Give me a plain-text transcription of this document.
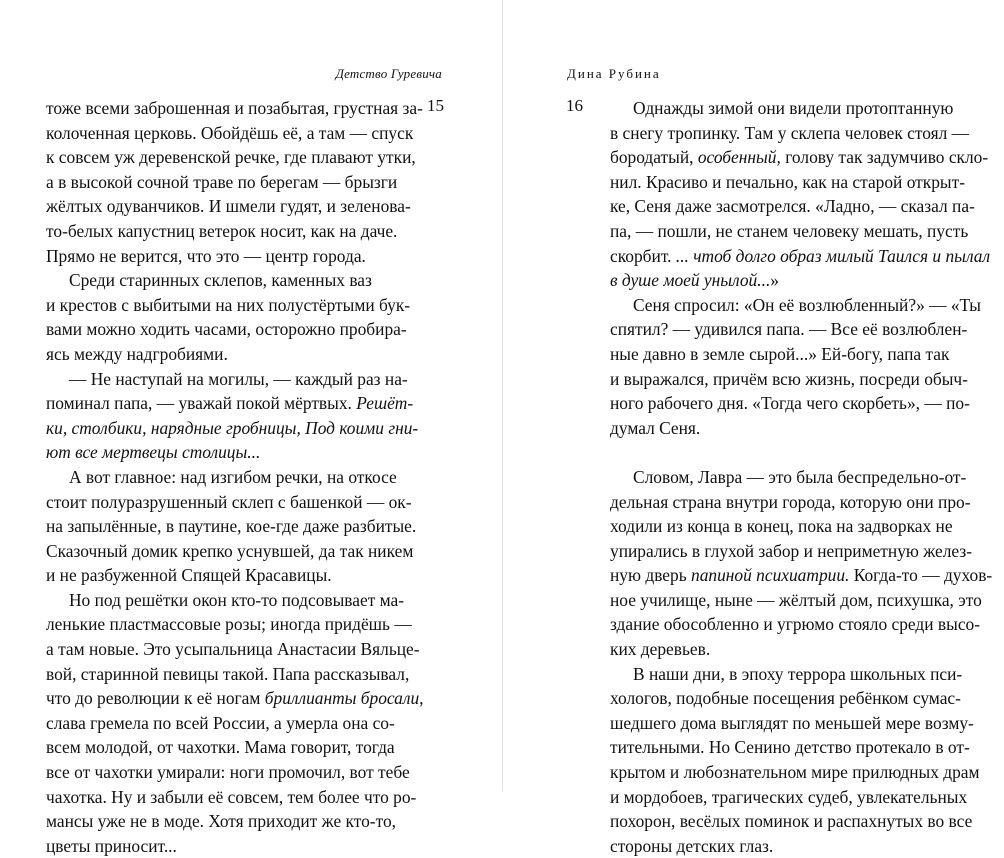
Детство Гуревича
15
тоже всеми заброшенная и позабытая, грустная за-
колоченная церковь. Обойдёшь её, а там — спуск
к совсем уж деревенской речке, где плавают утки,
а в высокой сочной траве по берегам — брызги
жёлтых одуванчиков. И шмели гудят, и зеленова-
то-белых капустниц ветерок носит, как на даче.
Прямо не верится, что это — центр города.
Среди старинных склепов, каменных ваз
и крестов с выбитыми на них полустёртыми бук-
вами можно ходить часами, осторожно пробира-
ясь между надгробиями.
— Не наступай на могилы, — каждый раз на-
поминал папа, — уважай покой мёртвых. Решёт-
ки, столбики, нарядные гробницы, Под коими гни-
ют все мертвецы столицы...
А вот главное: над изгибом речки, на откосе
стоит полуразрушенный склеп с башенкой — ок-
на запылённые, в паутине, кое-где даже разбитые.
Сказочный домик крепко уснувшей, да так никем
и не разбуженной Спящей Красавицы.
Но под решётки окон кто-то подсовывает ма-
ленькие пластмассовые розы; иногда придёшь —
а там новые. Это усыпальница Анастасии Вяльце-
вой, старинной певицы такой. Папа рассказывал,
что до революции к её ногам бриллианты бросали,
слава гремела по всей России, а умерла она со-
всем молодой, от чахотки. Мама говорит, тогда
все от чахотки умирали: ноги промочил, вот тебе
чахотка. Ну и забыли её совсем, тем более что ро-
мансы уже не в моде. Хотя приходит же кто-то,
цветы приносит...
Дина Рубина
16	Однажды зимой они видели протоптанную
в снегу тропинку. Там у склепа человек стоял —
бородатый, особенный, голову так задумчиво скло-
нил. Красиво и печально, как на старой открыт-
ке, Сеня даже засмотрелся. «Ладно, — сказал па-
па, — пошли, не станем человеку мешать, пусть
скорбит. ... чтоб долго образ милый Таился и пылал
в душе моей унылой...»
Сеня спросил: «Он её возлюбленный?» — «Ты
спятил? — удивился папа. — Все её возлюблен-
ные давно в земле сырой...» Ей-богу, папа так
и выражался, причём всю жизнь, посреди обыч-
ного рабочего дня. «Тогда чего скорбеть», — по-
думал Сеня.
Словом, Лавра — это была беспредельно-от-
дельная страна внутри города, которую они про-
ходили из конца в конец, пока на задворках не
упирались в глухой забор и неприметную желез-
ную дверь папиной психиатрии. Когда-то — духов-
ное училище, ныне — жёлтый дом, психушка, это
здание обособленно и угрюмо стояло среди высо-
ких деревьев.
В наши дни, в эпоху террора школьных пси-
хологов, подобные посещения ребёнком сумас-
шедшего дома выглядят по меньшей мере возму-
тительными. Но Сенино детство протекало в от-
крытом и любознательном мире прилюдных драм
и мордобоев, трагических судеб, увлекательных
похорон, весёлых поминок и распахнутых во все
стороны детских глаз.
